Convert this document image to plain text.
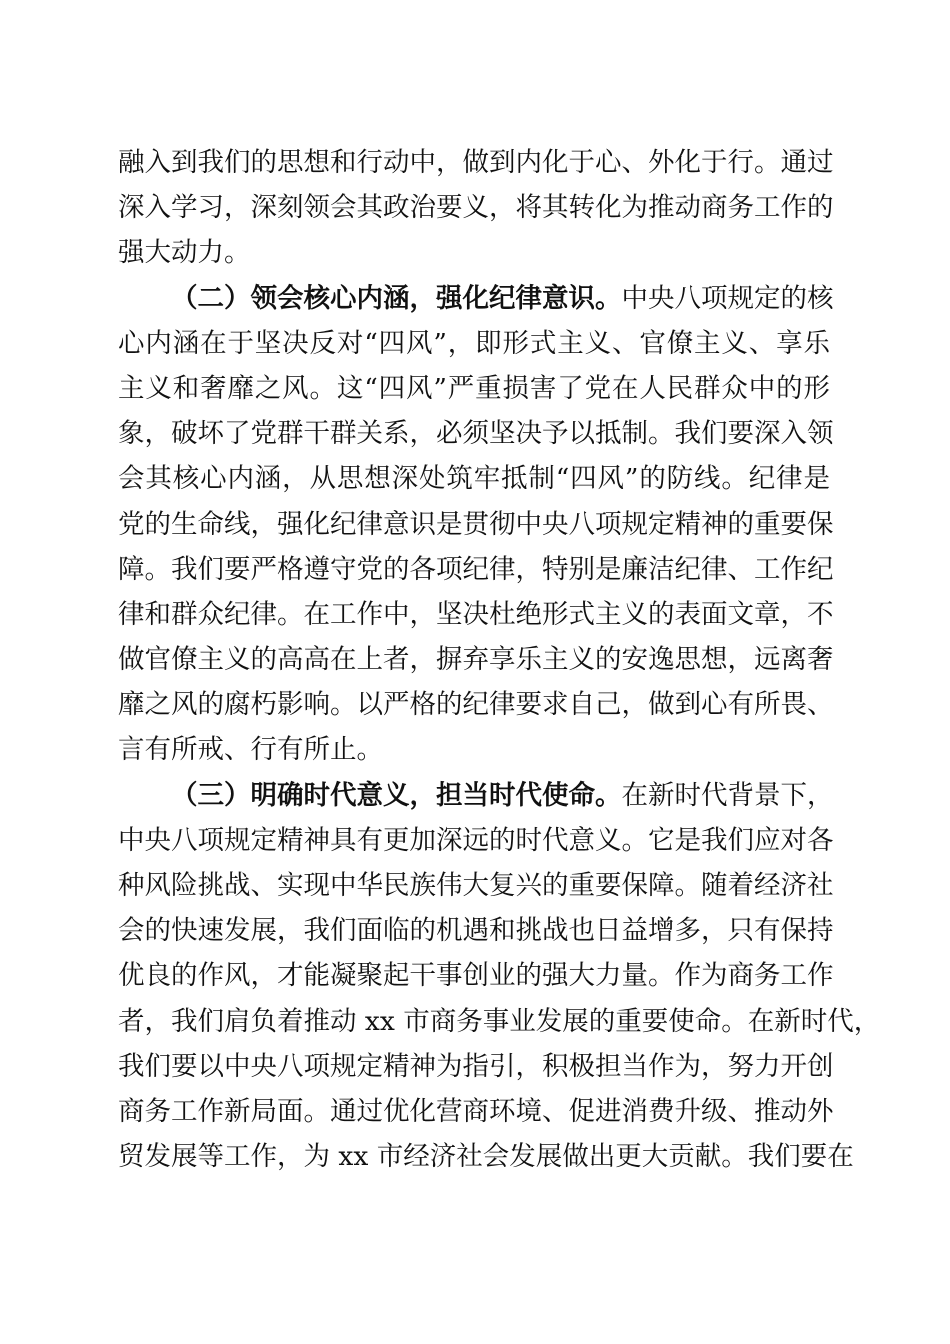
融入到我们的思想和行动中，做到内化于心、外化于行。通过
深入学习，深刻领会其政治要义，将其转化为推动商务工作的
强大动力。
（二）领会核心内涵，强化纪律意识。中央八项规定的核
心内涵在于坚决反对“四风”，即形式主义、官僚主义、享乐
主义和奢靡之风。这“四风”严重损害了党在人民群众中的形
象，破坏了党群干群关系，必须坚决予以抵制。我们要深入领
会其核心内涵，从思想深处筑牢抵制“四风”的防线。纪律是
党的生命线，强化纪律意识是贯彻中央八项规定精神的重要保
障。我们要严格遵守党的各项纪律，特别是廉洁纪律、工作纪
律和群众纪律。在工作中，坚决杜绝形式主义的表面文章，不
做官僚主义的高高在上者，摒弃享乐主义的安逸思想，远离奢
靡之风的腐朽影响。以严格的纪律要求自己，做到心有所畏、
言有所戒、行有所止。
（三）明确时代意义，担当时代使命。在新时代背景下，
中央八项规定精神具有更加深远的时代意义。它是我们应对各
种风险挑战、实现中华民族伟大复兴的重要保障。随着经济社
会的快速发展，我们面临的机遇和挑战也日益增多，只有保持
优良的作风，才能凝聚起干事创业的强大力量。作为商务工作
者，我们肩负着推动 xx 市商务事业发展的重要使命。在新时代，
我们要以中央八项规定精神为指引，积极担当作为，努力开创
商务工作新局面。通过优化营商环境、促进消费升级、推动外
贸发展等工作，为 xx 市经济社会发展做出更大贡献。我们要在
